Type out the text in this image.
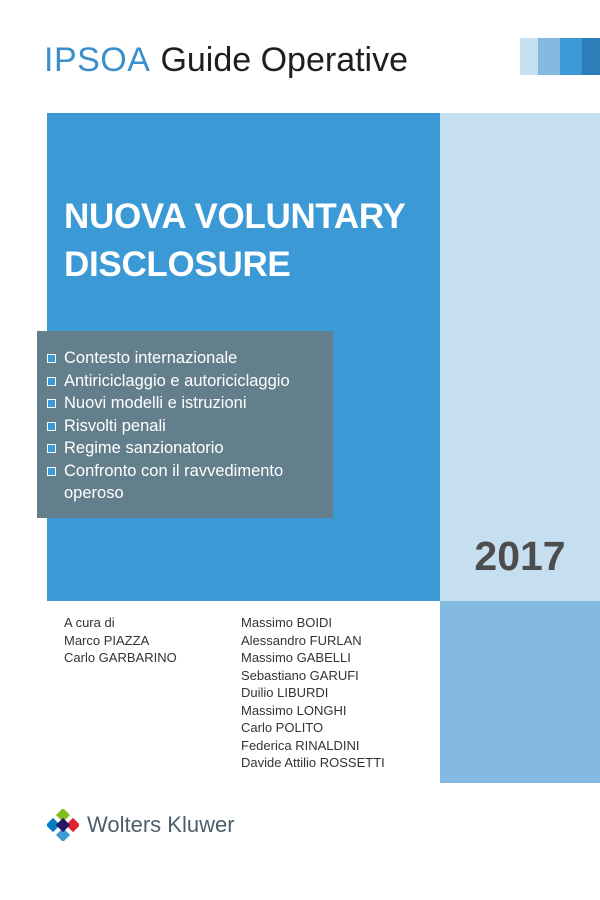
IPSOA Guide Operative
NUOVA VOLUNTARY
DISCLOSURE
Contesto internazionale
Antiriciclaggio e autoriciclaggio
Nuovi modelli e istruzioni
Risvolti penali
Regime sanzionatorio
Confronto con il ravvedimento operoso
2017
A cura di
Marco PIAZZA
Carlo GARBARINO
Massimo BOIDI
Alessandro FURLAN
Massimo GABELLI
Sebastiano GARUFI
Duilio LIBURDI
Massimo LONGHI
Carlo POLITO
Federica RINALDINI
Davide Attilio ROSSETTI
Wolters Kluwer
